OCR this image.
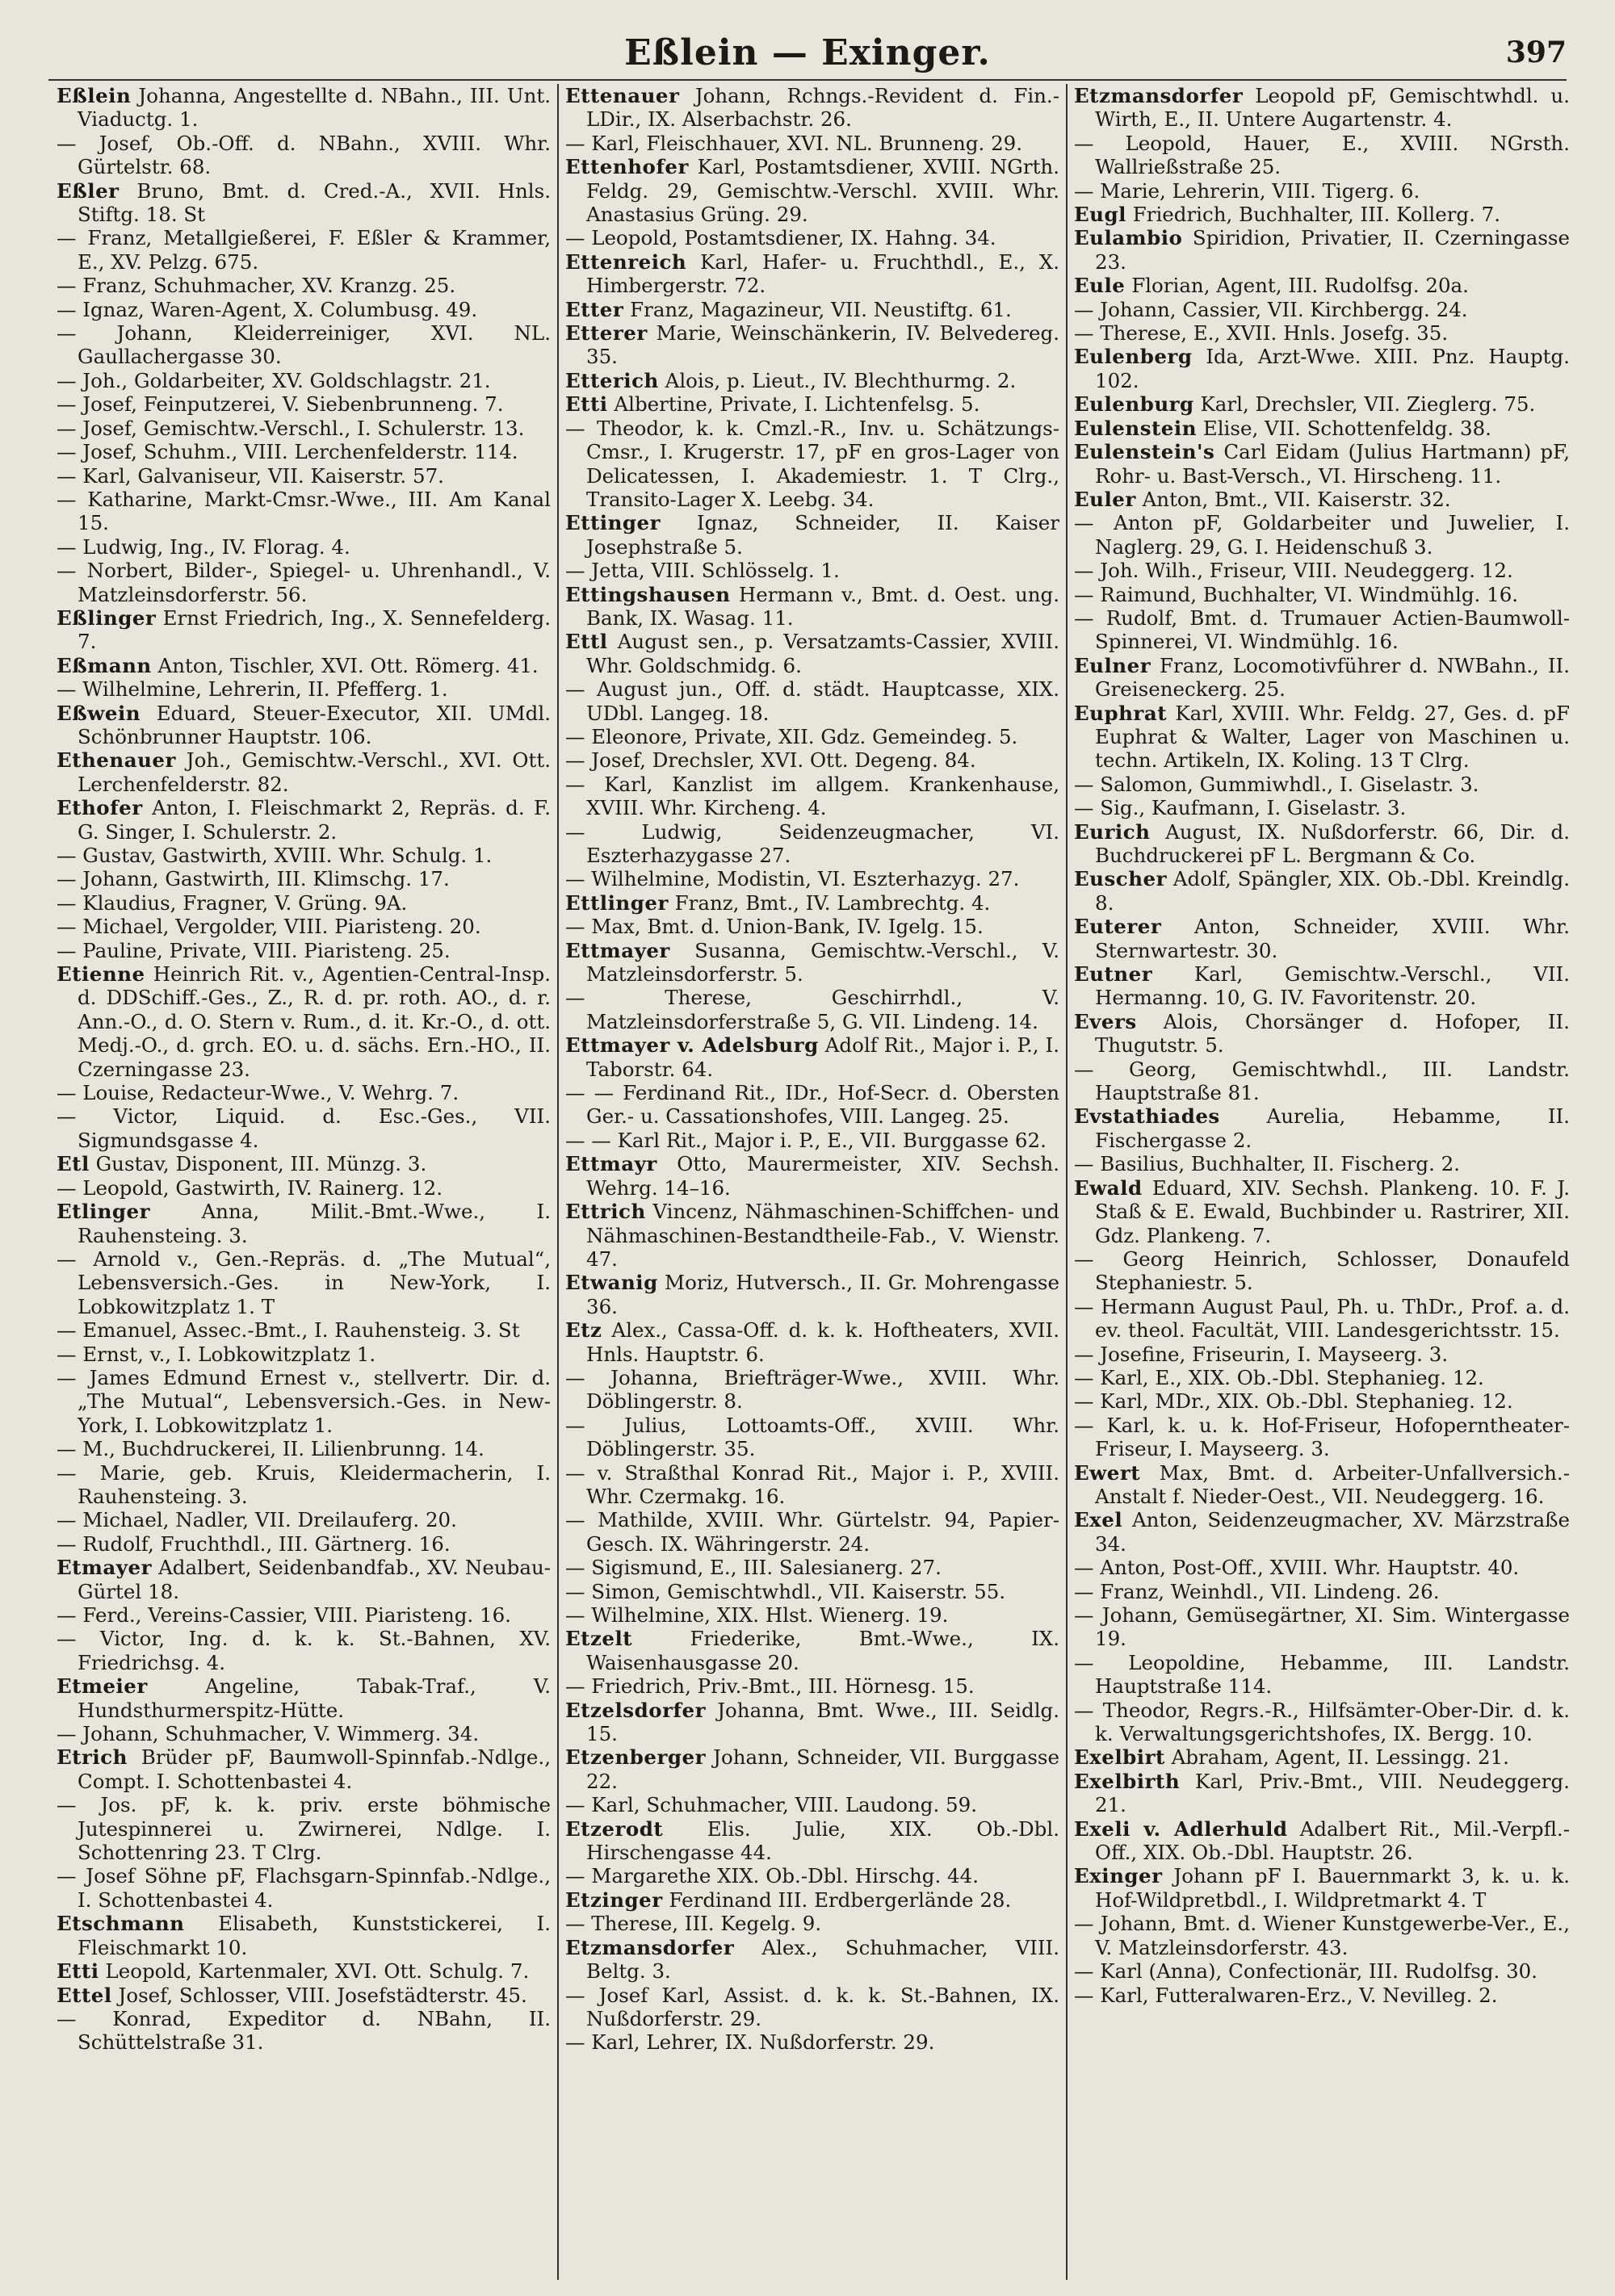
Eßlein — Exinger.	397

Eßlein Johanna, Angestellte d. NBahn., III. Unt. Viaductg. 1.

— Josef, Ob.-Off. d. NBahn., XVIII. Whr. Gürtelstr. 68.

Eßler Bruno, Bmt. d. Cred.-A., XVII. Hnls. Stiftg. 18. St

— Franz, Metallgießerei, F. Eßler & Krammer, E., XV. Pelzg. 675.

— Franz, Schuhmacher, XV. Kranzg. 25.

— Ignaz, Waren-Agent, X. Columbusg. 49.

— Johann, Kleiderreiniger, XVI. NL. Gaullachergasse 30.

— Joh., Goldarbeiter, XV. Goldschlagstr. 21.

— Josef, Feinputzerei, V. Siebenbrunneng. 7.

— Josef, Gemischtw.-Verschl., I. Schulerstr. 13.

— Josef, Schuhm., VIII. Lerchenfelderstr. 114.

— Karl, Galvaniseur, VII. Kaiserstr. 57.

— Katharine, Markt-Cmsr.-Wwe., III. Am Kanal 15.

— Ludwig, Ing., IV. Florag. 4.

— Norbert, Bilder-, Spiegel- u. Uhrenhandl., V. Matzleinsdorferstr. 56.

Eßlinger Ernst Friedrich, Ing., X. Sennefelderg. 7.

Eßmann Anton, Tischler, XVI. Ott. Römerg. 41.

— Wilhelmine, Lehrerin, II. Pfefferg. 1.

Eßwein Eduard, Steuer-Executor, XII. UMdl. Schönbrunner Hauptstr. 106.

Ethenauer Joh., Gemischtw.-Verschl., XVI. Ott. Lerchenfelderstr. 82.

Ethofer Anton, I. Fleischmarkt 2, Repräs. d. F. G. Singer, I. Schulerstr. 2.

— Gustav, Gastwirth, XVIII. Whr. Schulg. 1.

— Johann, Gastwirth, III. Klimschg. 17.

— Klaudius, Fragner, V. Grüng. 9A.

— Michael, Vergolder, VIII. Piaristeng. 20.

— Pauline, Private, VIII. Piaristeng. 25.

Etienne Heinrich Rit. v., Agentien-Central-Insp. d. DDSchiff.-Ges., Z., R. d. pr. roth. AO., d. r. Ann.-O., d. O. Stern v. Rum., d. it. Kr.-O., d. ott. Medj.-O., d. grch. EO. u. d. sächs. Ern.-HO., II. Czerningasse 23.

— Louise, Redacteur-Wwe., V. Wehrg. 7.

— Victor, Liquid. d. Esc.-Ges., VII. Sigmundsgasse 4.

Etl Gustav, Disponent, III. Münzg. 3.

— Leopold, Gastwirth, IV. Rainerg. 12.

Etlinger	Anna, Milit.-Bmt.-Wwe., I. Rauhensteing. 3.

— Arnold v., Gen.-Repräs. d. „The Mutual“, Lebensversich.-Ges. in New-York, I. Lobkowitzplatz 1. T

— Emanuel, Assec.-Bmt., I. Rauhensteig. 3. St

— Ernst, v., I. Lobkowitzplatz 1.

— James Edmund Ernest v., stellvertr. Dir. d. „The Mutual“, Lebensversich.-Ges. in New-York, I. Lobkowitzplatz 1.

— M., Buchdruckerei, II. Lilienbrunng. 14.

— Marie, geb. Kruis, Kleidermacherin, I. Rauhensteing. 3.

— Michael, Nadler, VII. Dreilauferg. 20.

— Rudolf, Fruchthdl., III. Gärtnerg. 16.

Etmayer Adalbert, Seidenbandfab., XV. Neubau-Gürtel 18.

— Ferd., Vereins-Cassier, VIII. Piaristeng. 16.

— Victor, Ing. d. k. k. St.-Bahnen, XV. Friedrichsg. 4.

Etmeier	Angeline, Tabak-Traf., V. Hundsthurmerspitz-Hütte.

— Johann, Schuhmacher, V. Wimmerg. 34.

Etrich Brüder pF, Baumwoll-Spinnfab.-Ndlge., Compt. I. Schottenbastei 4.

— Jos. pF, k. k. priv. erste böhmische Jutespinnerei u. Zwirnerei, Ndlge. I. Schottenring 23. T Clrg.

— Josef Söhne pF, Flachsgarn-Spinnfab.-Ndlge., I. Schottenbastei 4.

Etschmann Elisabeth, Kunststickerei, I. Fleischmarkt 10.

Etti Leopold, Kartenmaler, XVI. Ott. Schulg. 7.

Ettel Josef, Schlosser, VIII. Josefstädterstr. 45.

— Konrad, Expeditor d. NBahn, II. Schüttelstraße 31.

Ettenauer Johann, Rchngs.-Revident d. Fin.-LDir., IX. Alserbachstr. 26.

— Karl, Fleischhauer, XVI. NL. Brunneng. 29.

Ettenhofer Karl, Postamtsdiener, XVIII. NGrth. Feldg. 29, Gemischtw.-Verschl. XVIII. Whr. Anastasius Grüng. 29.

— Leopold, Postamtsdiener, IX. Hahng. 34.

Ettenreich Karl, Hafer- u. Fruchthdl., E., X. Himbergerstr. 72.

Etter Franz, Magazineur, VII. Neustiftg. 61.

Etterer Marie, Weinschänkerin, IV. Belvedereg. 35.

Etterich Alois, p. Lieut., IV. Blechthurmg. 2.

Etti Albertine, Private, I. Lichtenfelsg. 5.

— Theodor, k. k. Cmzl.-R., Inv. u. Schätzungs-Cmsr., I. Krugerstr. 17, pF en gros-Lager von Delicatessen, I. Akademiestr. 1. T Clrg., Transito-Lager X. Leebg. 34.

Ettinger Ignaz, Schneider, II. Kaiser Josephstraße 5.

— Jetta, VIII. Schlösselg. 1.

Ettingshausen Hermann v., Bmt. d. Oest. ung. Bank, IX. Wasag. 11.

Ettl August sen., p. Versatzamts-Cassier, XVIII. Whr. Goldschmidg. 6.

— August jun., Off. d. städt. Hauptcasse, XIX. UDbl. Langeg. 18.

— Eleonore, Private, XII. Gdz. Gemeindeg. 5.

— Josef, Drechsler, XVI. Ott. Degeng. 84.

— Karl, Kanzlist im allgem. Krankenhause, XVIII. Whr. Kircheng. 4.

— Ludwig, Seidenzeugmacher, VI. Eszterhazygasse 27.

— Wilhelmine, Modistin, VI. Eszterhazyg. 27.

Ettlinger Franz, Bmt., IV. Lambrechtg. 4.

— Max, Bmt. d. Union-Bank, IV. Igelg. 15.

Ettmayer Susanna, Gemischtw.-Verschl., V. Matzleinsdorferstr. 5.

— Therese, Geschirrhdl., V. Matzleinsdorferstraße 5, G. VII. Lindeng. 14.

Ettmayer v. Adelsburg Adolf Rit., Major i. P., I. Taborstr. 64.

— — Ferdinand Rit., IDr., Hof-Secr. d. Obersten Ger.- u. Cassationshofes, VIII. Langeg. 25.

— — Karl Rit., Major i. P., E., VII. Burggasse 62.

Ettmayr Otto, Maurermeister, XIV. Sechsh. Wehrg. 14–16.

Ettrich Vincenz, Nähmaschinen-Schiffchen- und Nähmaschinen-Bestandtheile-Fab., V. Wienstr. 47.

Etwanig Moriz, Hutversch., II. Gr. Mohrengasse 36.

Etz Alex., Cassa-Off. d. k. k. Hoftheaters, XVII. Hnls. Hauptstr. 6.

— Johanna, Briefträger-Wwe., XVIII. Whr. Döblingerstr. 8.

— Julius, Lottoamts-Off., XVIII. Whr. Döblingerstr. 35.

— v. Straßthal Konrad Rit., Major i. P., XVIII. Whr. Czermakg. 16.

— Mathilde, XVIII. Whr. Gürtelstr. 94, Papier-Gesch. IX. Währingerstr. 24.

— Sigismund, E., III. Salesianerg. 27.

— Simon, Gemischtwhdl., VII. Kaiserstr. 55.

— Wilhelmine, XIX. Hlst. Wienerg. 19.

Etzelt	Friederike, Bmt.-Wwe., IX. Waisenhausgasse 20.

— Friedrich, Priv.-Bmt., III. Hörnesg. 15.

Etzelsdorfer Johanna, Bmt. Wwe., III. Seidlg. 15.

Etzenberger Johann, Schneider, VII. Burggasse 22.

— Karl, Schuhmacher, VIII. Laudong. 59.

Etzerodt Elis. Julie, XIX. Ob.-Dbl. Hirschengasse 44.

— Margarethe XIX. Ob.-Dbl. Hirschg. 44.

Etzinger Ferdinand III. Erdbergerlände 28.

— Therese, III. Kegelg. 9.

Etzmansdorfer Alex., Schuhmacher, VIII. Beltg. 3.

— Josef Karl, Assist. d. k. k. St.-Bahnen, IX. Nußdorferstr. 29.

— Karl, Lehrer, IX. Nußdorferstr. 29.

Etzmansdorfer Leopold pF, Gemischtwhdl. u. Wirth, E., II. Untere Augartenstr. 4.

— Leopold, Hauer, E., XVIII. NGrsth. Wallrießstraße 25.

— Marie, Lehrerin, VIII. Tigerg. 6.

Eugl Friedrich, Buchhalter, III. Kollerg. 7.

Eulambio Spiridion, Privatier, II. Czerningasse 23.

Eule Florian, Agent, III. Rudolfsg. 20a.

— Johann, Cassier, VII. Kirchbergg. 24.

— Therese, E., XVII. Hnls. Josefg. 35.

Eulenberg Ida, Arzt-Wwe. XIII. Pnz. Hauptg. 102.

Eulenburg Karl, Drechsler, VII. Zieglerg. 75.

Eulenstein Elise, VII. Schottenfeldg. 38.

Eulenstein's Carl Eidam (Julius Hartmann) pF, Rohr- u. Bast-Versch., VI. Hirscheng. 11.

Euler Anton, Bmt., VII. Kaiserstr. 32.

— Anton pF, Goldarbeiter und Juwelier, I. Naglerg. 29, G. I. Heidenschuß 3.

— Joh. Wilh., Friseur, VIII. Neudeggerg. 12.

— Raimund, Buchhalter, VI. Windmühlg. 16.

— Rudolf, Bmt. d. Trumauer Actien-Baumwoll-Spinnerei, VI. Windmühlg. 16.

Eulner Franz, Locomotivführer d. NWBahn., II. Greiseneckerg. 25.

Euphrat Karl, XVIII. Whr. Feldg. 27, Ges. d. pF Euphrat & Walter, Lager von Maschinen u. techn. Artikeln, IX. Koling. 13 T Clrg.

— Salomon, Gummiwhdl., I. Giselastr. 3.

— Sig., Kaufmann, I. Giselastr. 3.

Eurich August, IX. Nußdorferstr. 66, Dir. d. Buchdruckerei pF L. Bergmann & Co.

Euscher Adolf, Spängler, XIX. Ob.-Dbl. Kreindlg. 8.

Euterer Anton, Schneider, XVIII. Whr. Sternwartestr. 30.

Eutner Karl, Gemischtw.-Verschl., VII. Hermanng. 10, G. IV. Favoritenstr. 20.

Evers Alois, Chorsänger d. Hofoper, II. Thugutstr. 5.

— Georg, Gemischtwhdl., III. Landstr. Hauptstraße 81.

Evstathiades Aurelia, Hebamme, II. Fischergasse 2.

— Basilius, Buchhalter, II. Fischerg. 2.

Ewald Eduard, XIV. Sechsh. Plankeng. 10. F. J. Staß & E. Ewald, Buchbinder u. Rastrirer, XII. Gdz. Plankeng. 7.

— Georg Heinrich, Schlosser, Donaufeld Stephaniestr. 5.

— Hermann August Paul, Ph. u. ThDr., Prof. a. d. ev. theol. Facultät, VIII. Landesgerichtsstr. 15.

— Josefine, Friseurin, I. Mayseerg. 3.

— Karl, E., XIX. Ob.-Dbl. Stephanieg. 12.

— Karl, MDr., XIX. Ob.-Dbl. Stephanieg. 12.

— Karl, k. u. k. Hof-Friseur, Hofoperntheater-Friseur, I. Mayseerg. 3.

Ewert Max, Bmt. d. Arbeiter-Unfallversich.-Anstalt f. Nieder-Oest., VII. Neudeggerg. 16.

Exel Anton, Seidenzeugmacher, XV. Märzstraße 34.

— Anton, Post-Off., XVIII. Whr. Hauptstr. 40.

— Franz, Weinhdl., VII. Lindeng. 26.

— Johann, Gemüsegärtner, XI. Sim. Wintergasse 19.

— Leopoldine, Hebamme, III. Landstr. Hauptstraße 114.

— Theodor, Regrs.-R., Hilfsämter-Ober-Dir. d. k. k. Verwaltungsgerichtshofes, IX. Bergg. 10.

Exelbirt Abraham, Agent, II. Lessingg. 21.

Exelbirth Karl, Priv.-Bmt., VIII. Neudeggerg. 21.

Exeli v. Adlerhuld Adalbert Rit., Mil.-Verpfl.-Off., XIX. Ob.-Dbl. Hauptstr. 26.

Exinger Johann pF I. Bauernmarkt 3, k. u. k. Hof-Wildpretbdl., I. Wildpretmarkt 4. T

— Johann, Bmt. d. Wiener Kunstgewerbe-Ver., E., V. Matzleinsdorferstr. 43.

— Karl (Anna), Confectionär, III. Rudolfsg. 30.

— Karl, Futteralwaren-Erz., V. Nevilleg. 2.
